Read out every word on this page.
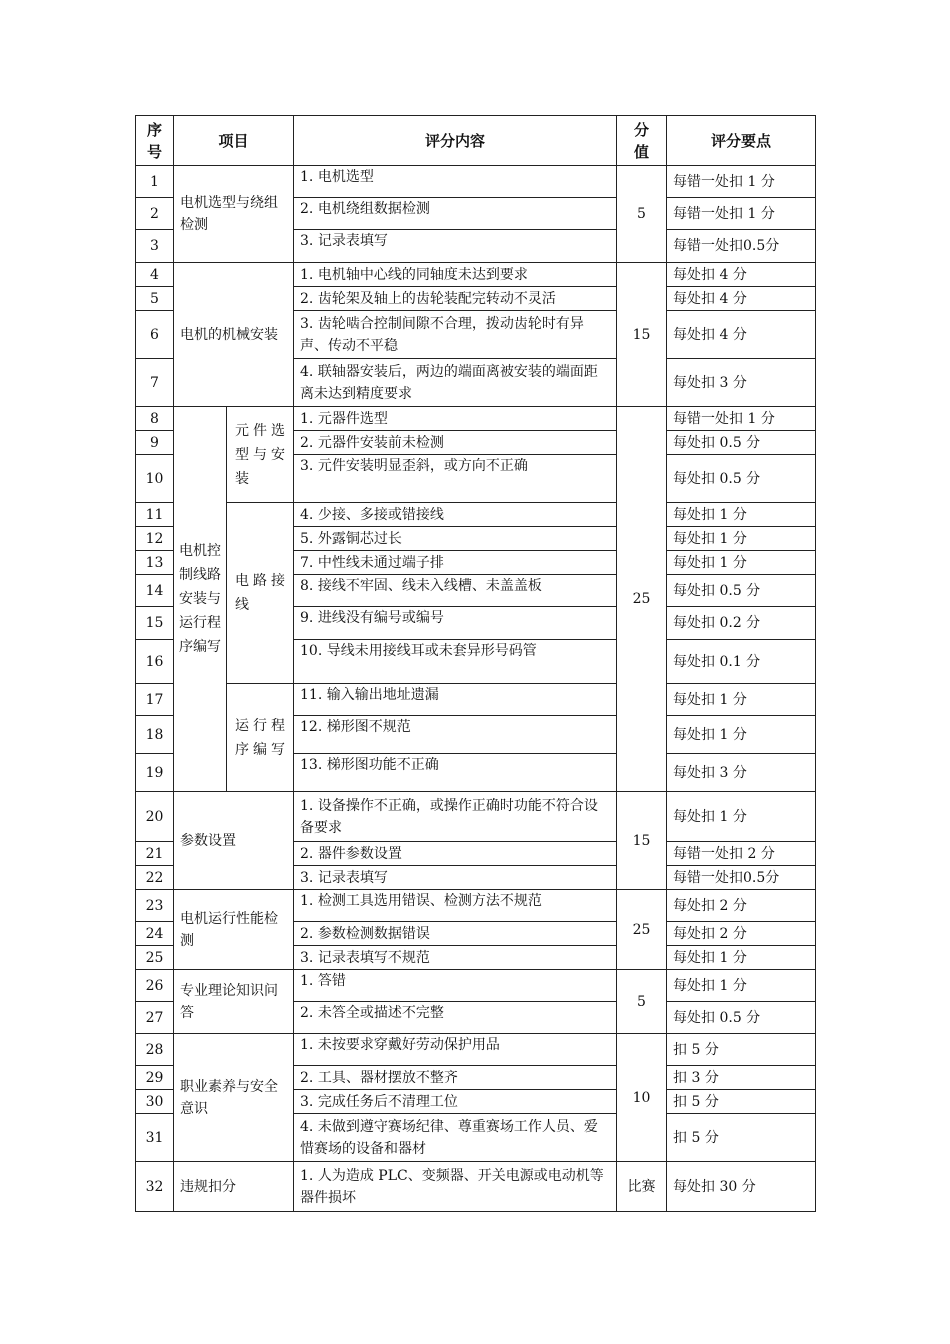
序号	项目		评分内容	分值	评分要点
1	电机选型与绕组检测		1. 电机选型	5	每错一处扣 1 分
2			2. 电机绕组数据检测		每错一处扣 1 分
3			3. 记录表填写		每错一处扣0.5分
4	电机的机械安装		1. 电机轴中心线的同轴度未达到要求	15	每处扣 4 分
5			2. 齿轮架及轴上的齿轮装配完转动不灵活		每处扣 4 分
6			3. 齿轮啮合控制间隙不合理，拨动齿轮时有异声、传动不平稳		每处扣 4 分
7			4. 联轴器安装后，两边的端面离被安装的端面距离未达到精度要求		每处扣 3 分
8	电机控制线路安装与运行程序编写	元件选型与安装	1. 元器件选型	25	每错一处扣 1 分
9			2. 元器件安装前未检测		每处扣 0.5 分
10			3. 元件安装明显歪斜，或方向不正确		每处扣 0.5 分
11		电路接线	4. 少接、多接或错接线		每处扣 1 分
12			5. 外露铜芯过长		每处扣 1 分
13			7. 中性线未通过端子排		每处扣 1 分
14			8. 接线不牢固、线未入线槽、未盖盖板		每处扣 0.5 分
15			9. 进线没有编号或编号		每处扣 0.2 分
16			10. 导线未用接线耳或未套异形号码管		每处扣 0.1 分
17		运行程序编写	11. 输入输出地址遗漏		每处扣 1 分
18			12. 梯形图不规范		每处扣 1 分
19			13. 梯形图功能不正确		每处扣 3 分
20	参数设置		1. 设备操作不正确，或操作正确时功能不符合设备要求	15	每处扣 1 分
21			2. 器件参数设置		每错一处扣 2 分
22			3. 记录表填写		每错一处扣0.5分
23	电机运行性能检测		1. 检测工具选用错误、检测方法不规范	25	每处扣 2 分
24			2. 参数检测数据错误		每处扣 2 分
25			3. 记录表填写不规范		每处扣 1 分
26	专业理论知识问答		1. 答错	5	每处扣 1 分
27			2. 未答全或描述不完整		每处扣 0.5 分
28	职业素养与安全意识		1. 未按要求穿戴好劳动保护用品	10	扣 5 分
29			2. 工具、器材摆放不整齐		扣 3 分
30			3. 完成任务后不清理工位		扣 5 分
31			4. 未做到遵守赛场纪律、尊重赛场工作人员、爱惜赛场的设备和器材		扣 5 分
32	违规扣分		1. 人为造成 PLC、变频器、开关电源或电动机等器件损坏	比赛	每处扣 30 分
